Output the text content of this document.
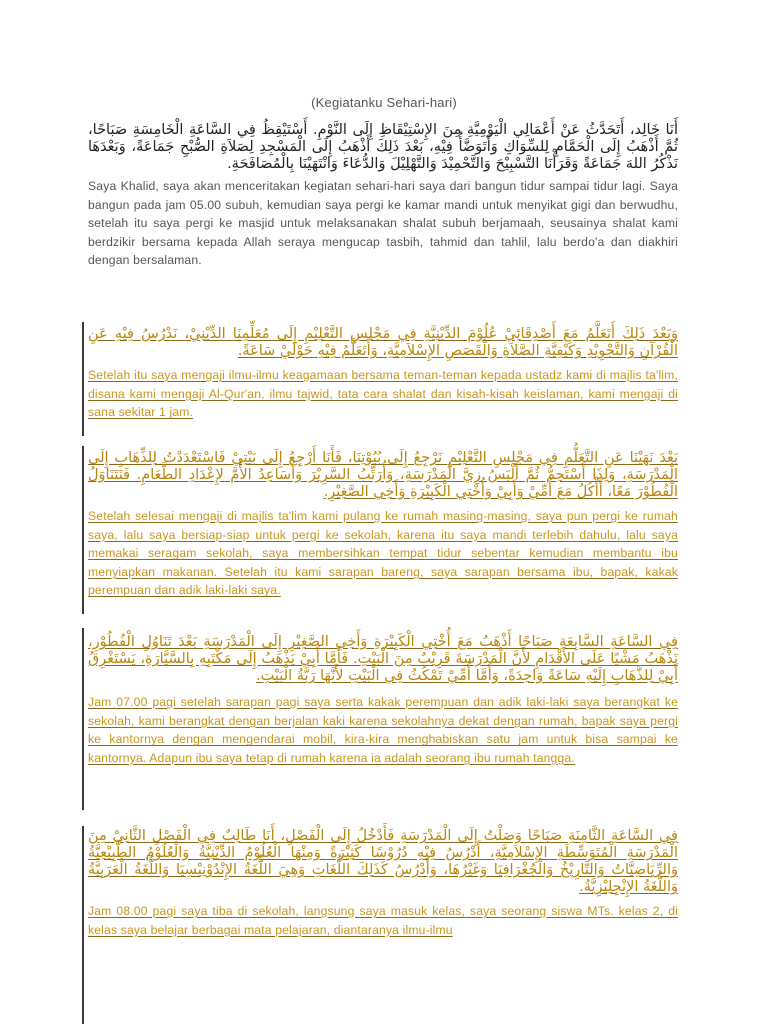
(Kegiatanku Sehari-hari)

أَنَا خَالِد، أَتَحَدَّثُ عَنْ أَعْمَالِي الْيَوْمِيَّةِ مِنَ الإِسْتِيْقَاظِ إِلَى النَّوْمِ. أَسْتَيْقِظُ فِي السَّاعَةِ الْخَامِسَةِ صَبَاحًا، ثُمَّ أَذْهَبُ إِلَى الْحَمَّامِ لِلسِّوَاكِ وَأَتَوَضَّأُ فِيْهِ، بَعْدَ ذَلِكَ أَذْهَبُ إِلَى الْمَسْجِدِ لِصَلاَةِ الصُّبْحِ جَمَاعَةً، وَبَعْدَهَا نَذْكُرُ اللهَ جَمَاعَةً وَقَرَأْنَا التَّسْبِيْحَ وَالتَّحْمِيْدَ وَالتَّهْلِيْلَ وَالدُّعَاءَ وَانْتَهَيْنَا بِالْمُصَافَحَةِ.

Saya Khalid, saya akan menceritakan kegiatan sehari-hari saya dari bangun tidur sampai tidur lagi. Saya bangun pada jam 05.00 subuh, kemudian saya pergi ke kamar mandi untuk menyikat gigi dan berwudhu, setelah itu saya pergi ke masjid untuk melaksanakan shalat subuh berjamaah, seusainya shalat kami berdzikir bersama kepada Allah seraya mengucap tasbih, tahmid dan tahlil, lalu berdo'a dan diakhiri dengan bersalaman.

وَبَعْدَ ذَلِكَ أَتَعَلَّمُ مَعَ أَصْدِقَائِيْ عُلُوْمَ الدِّيْنِيَّةِ فِي مَجْلِسِ التَّعْلِيْمِ إِلَى مُعَلِّمِنَا الدِّيْنِيْ، نَدْرُسُ فِيْهِ عَنِ الْقُرْآنِ وَالتَّجْوِيْدِ وَكَيْفِيَّةِ الصَّلاَةِ وَالْقَصَصِ الإِسْلاَمِيَّةِ، وَأَتَعَلَّمُ فِيْهِ حَوْلَيْ سَاعَةً.

Setelah itu saya mengaji ilmu-ilmu keagamaan bersama teman-teman kepada ustadz kami di majlis ta'lim, disana kami mengaji Al-Qur'an, ilmu tajwid, tata cara shalat dan kisah-kisah keislaman, kami mengaji di sana sekitar 1 jam.

بَعْدَ نَهَيْنَا عَنِ التَّعَلُّمِ فِي مَجْلِسِ التَّعْلِيْمِ نَرْجِعُ إِلَى بُيُوْتِنَا، فَأَنَا أَرْجِعُ إِلَى بَيْتِيْ فَاسْتَعْدَدْتُ لِلذِّهَابِ إِلَى الْمَدْرَسَةِ، وَلِذَا أَسْتَحِمُّ ثُمَّ أَلْبَسُ زِيَّ الْمَدْرَسَةِ، وَأُرَتِّبُ السَّرِيْرَ وَأُسَاعِدُ الأُمَّ لإِعْدَادِ الطَّعَامِ. فَنَتَنَاوَلُ الْفُطُوْرَ مَعًا، أَأْكُلُ مَعَ أُمِّيْ وَأَبِيْ وَأُخْتِي الْكَبِيْرَةِ وَأَخِي الصَّغِيْرِ.

Setelah selesai mengaji di majlis ta'lim kami pulang ke rumah masing-masing, saya pun pergi ke rumah saya, lalu saya bersiap-siap untuk pergi ke sekolah, karena itu saya mandi terlebih dahulu, lalu saya memakai seragam sekolah, saya membersihkan tempat tidur sebentar kemudian membantu ibu menyiapkan makanan. Setelah itu kami sarapan bareng, saya sarapan bersama ibu, bapak, kakak perempuan dan adik laki-laki saya.

فِي السَّاعَةِ السَّابِعَةِ صَبَاحًا أَذْهَبُ مَعَ أُخْتِي الْكَبِيْرَةِ وَأَخِي الصَّغِيْرِ إِلَى الْمَدْرَسَةِ بَعْدَ تَنَاوُلِ الْفُطُوْرِ، نَذْهَبُ مَشْيًا عَلَى الأَقْدَامِ لأَنَّ الْمَدْرَسَةَ قَرِيْبٌ مِنَ الْبَيْتِ. فَأَمَّا أَبِيْ يَذْهَبُ إِلَى مَكْتَبِهِ بِالسَّيَّارَةِ، يَسْتَغْرِقُ أَبِيْ لِلذَّهَابِ إِلَيْهِ سَاعَةً وَاحِدَةً، وَأَمَّا أُمِّيْ تَمْكُثُ فِي الْبَيْتِ لأَنَّهَا رَبَّةُ الْبَيْتِ.

Jam 07.00 pagi setelah sarapan pagi saya serta kakak perempuan dan adik laki-laki saya berangkat ke sekolah, kami berangkat dengan berjalan kaki karena sekolahnya dekat dengan rumah, bapak saya pergi ke kantornya dengan mengendarai mobil, kira-kira menghabiskan satu jam untuk bisa sampai ke kantornya. Adapun ibu saya tetap di rumah karena ia adalah seorang ibu rumah tangga.

فِي السَّاعَةِ الثَّامِنَةِ صَبَاحًا وَصَلْتُ إِلَى الْمَدْرَسَةِ فَأَدْخُلُ إِلَى الْفَصْلِ، أَنَا طَالِبٌ فِي الْفَصْلِ الثَّانِيْ مِنَ الْمَدْرَسَةِ الْمُتَوَسِّطَةِ الإِسْلاَمِيَّةِ، أَدْرُسُ فِيْهِ دُرُوْسًا كَثِيْرَةً وَمِنْهَا الْعُلُوْمُ الدِّيْنِيَّةُ وَالْعُلُوْمُ الطَّبِيْعِيَّةُ وَالرِّيَاضِيَّاتُ وَالتَّارِيْخُ وَالْجُغْرَافِيَا وَغَيْرُهَا، وَأَدْرُسُ كَذَلِكَ اللُّغَاتِ وَهِيَ اللُّغَةُ الإِنْدُوْنِيْسِيَا وَاللُّغَةُ الْعَرَبِيَّةُ وَاللُّغَةُ الإِنْجِلِيْزِيَّةُ.

Jam 08.00 pagi saya tiba di sekolah, langsung saya masuk kelas, saya seorang siswa MTs. kelas 2, di kelas saya belajar berbagai mata pelajaran, diantaranya ilmu-ilmu
